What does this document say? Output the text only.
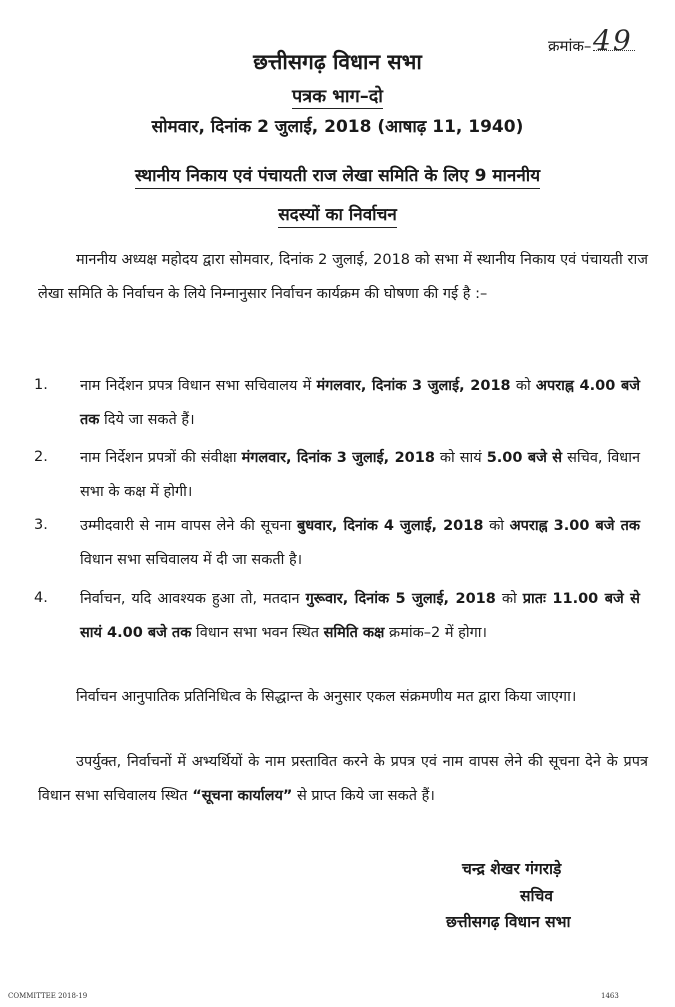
क्रमांक– 49
छत्तीसगढ़ विधान सभा
पत्रक भाग–दो
सोमवार, दिनांक 2 जुलाई, 2018 (आषाढ़ 11, 1940)
स्थानीय निकाय एवं पंचायती राज लेखा समिति के लिए 9 माननीय
सदस्यों का निर्वाचन
माननीय अध्यक्ष महोदय द्वारा सोमवार, दिनांक 2 जुलाई, 2018 को सभा में स्थानीय निकाय एवं पंचायती राज लेखा समिति के निर्वाचन के लिये निम्नानुसार निर्वाचन कार्यक्रम की घोषणा की गई है :–
1. नाम निर्देशन प्रपत्र विधान सभा सचिवालय में मंगलवार, दिनांक 3 जुलाई, 2018 को अपराह्न 4.00 बजे तक दिये जा सकते हैं।
2. नाम निर्देशन प्रपत्रों की संवीक्षा मंगलवार, दिनांक 3 जुलाई, 2018 को सायं 5.00 बजे से सचिव, विधान सभा के कक्ष में होगी।
3. उम्मीदवारी से नाम वापस लेने की सूचना बुधवार, दिनांक 4 जुलाई, 2018 को अपराह्न 3.00 बजे तक विधान सभा सचिवालय में दी जा सकती है।
4. निर्वाचन, यदि आवश्यक हुआ तो, मतदान गुरूवार, दिनांक 5 जुलाई, 2018 को प्रातः 11.00 बजे से सायं 4.00 बजे तक विधान सभा भवन स्थित समिति कक्ष क्रमांक–2 में होगा।
निर्वाचन आनुपातिक प्रतिनिधित्व के सिद्धान्त के अनुसार एकल संक्रमणीय मत द्वारा किया जाएगा।
उपर्युक्त, निर्वाचनों में अभ्यर्थियों के नाम प्रस्तावित करने के प्रपत्र एवं नाम वापस लेने की सूचना देने के प्रपत्र विधान सभा सचिवालय स्थित “सूचना कार्यालय” से प्राप्त किये जा सकते हैं।
चन्द्र शेखर गंगराड़े
सचिव
छत्तीसगढ़ विधान सभा
COMMITTEE 2018-19	1463
